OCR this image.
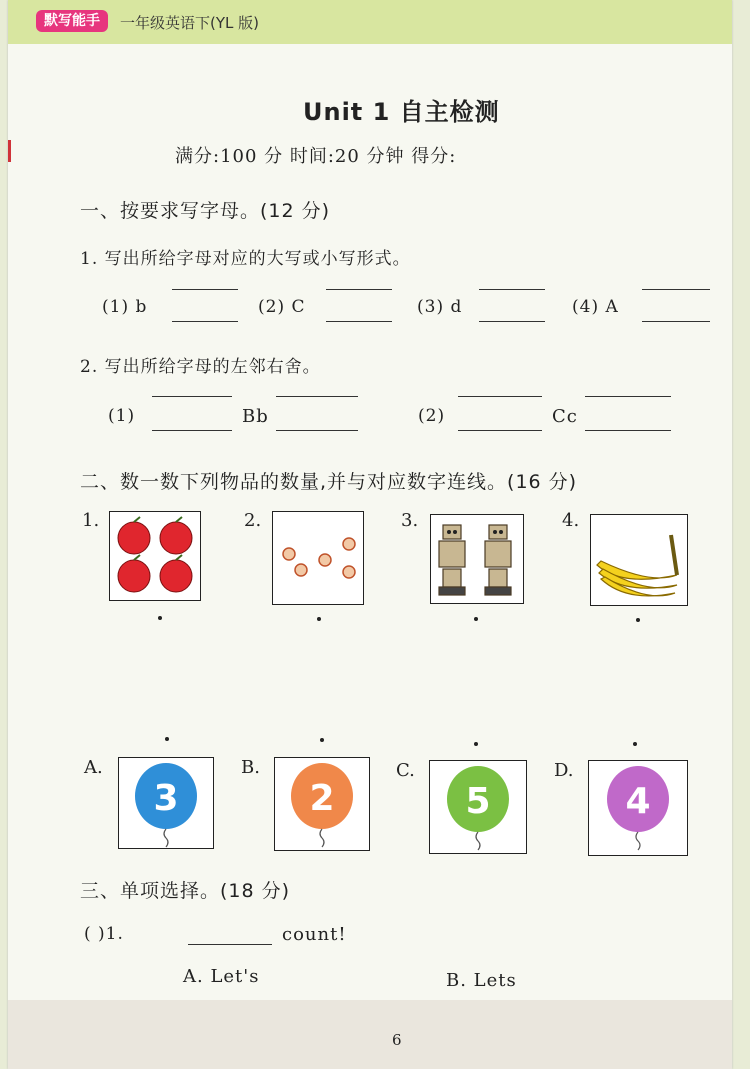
默写能手	一年级英语下(YL 版)
Unit 1 自主检测
满分:100 分 时间:20 分钟 得分:
一、按要求写字母。(12 分)
1. 写出所给字母对应的大写或小写形式。
(1) b	(2) C	(3) d	(4) A
2. 写出所给字母的左邻右舍。
(1)	Bb	(2)	Cc
二、数一数下列物品的数量,并与对应数字连线。(16 分)
1.	2.	3.	4.
A.
3
B.
2
C.
5
D.
4
三、单项选择。(18 分)
( )1.	count!
A. Let's	B. Lets
6
